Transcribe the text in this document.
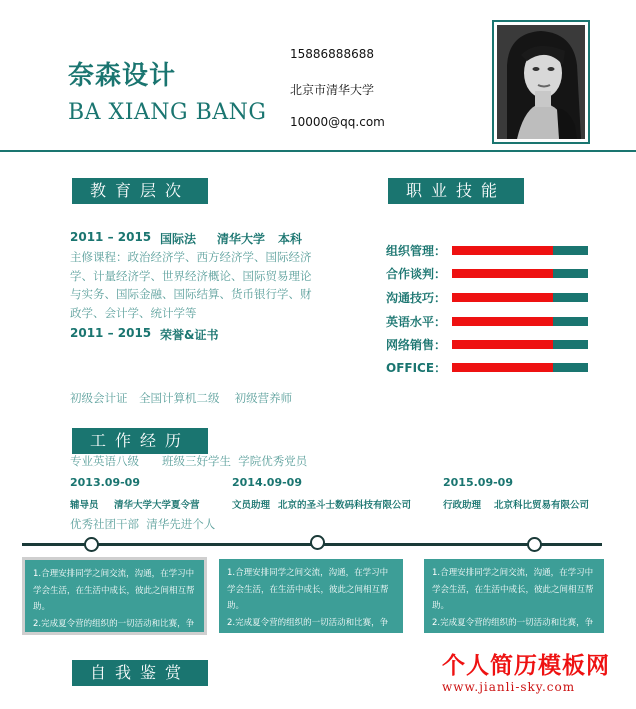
奈森设计
BA XIANG BANG
15886888688
北京市清华大学
10000@qq.com
教育层次	职业技能
工作经历
自我鉴赏
2011 – 2015 国际法 清华大学 本科
主修课程：政治经济学、西方经济学、国际经济
学、计量经济学、世界经济概论、国际贸易理论
与实务、国际金融、国际结算、货币银行学、财
政学、会计学、统计学等
2011 – 2015 荣誉&证书

初级会计证　全国计算机二级　 初级营养师

专业英语八级　　班级三好学生  学院优秀党员

优秀社团干部  清华先进个人

组织管理：
合作谈判：
沟通技巧：
英语水平：
网络销售：
OFFICE：
2013.09-09
辅导员 清华大学大学夏令营
2014.09-09
文员助理 北京的圣斗士数码科技有限公司
2015.09-09
行政助理 北京科比贸易有限公司
1.合理安排同学之间交流，沟通，在学习中
学会生活，在生活中成长，彼此之间相互帮
助。
2.完成夏令营的组织的一切活动和比赛，争
1.合理安排同学之间交流，沟通，在学习中
学会生活，在生活中成长，彼此之间相互帮
助。
2.完成夏令营的组织的一切活动和比赛，争
1.合理安排同学之间交流，沟通，在学习中
学会生活，在生活中成长，彼此之间相互帮
助。
2.完成夏令营的组织的一切活动和比赛，争
个人简历模板网
www.jianli-sky.com
